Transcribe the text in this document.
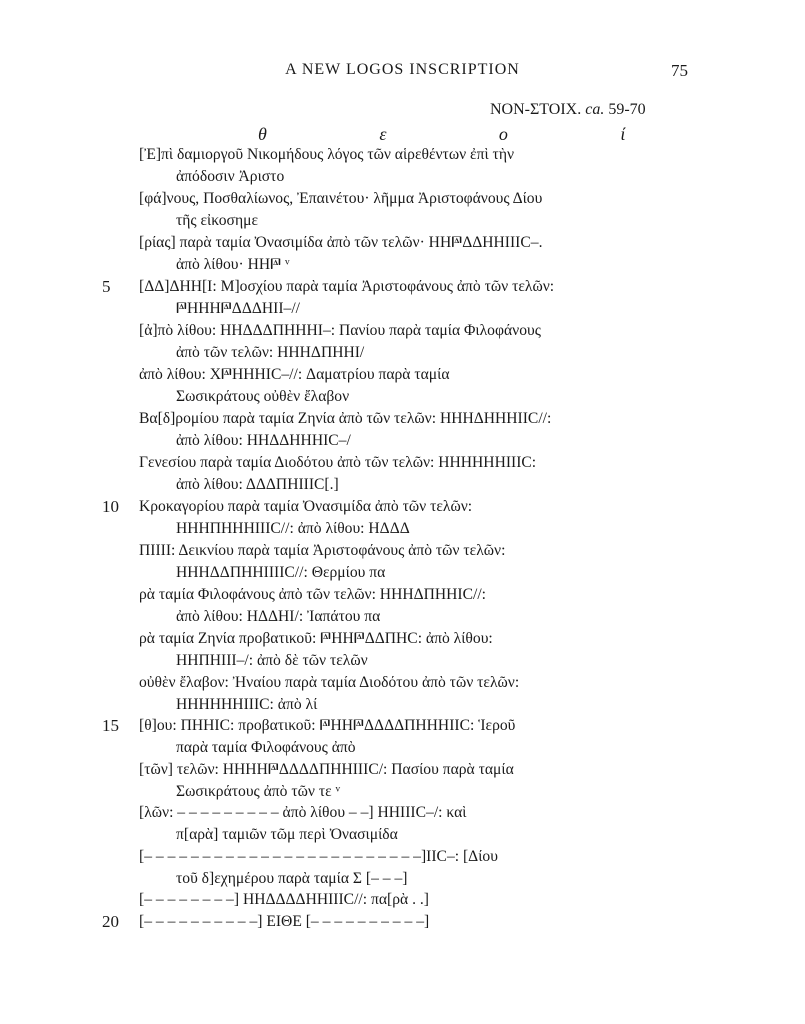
A NEW LOGOS INSCRIPTION	75
NON-ΣΤΟΙΧ. ca. 59-70
θ ε ο ί
5
10
15
20
[Ἐ]πὶ δαμιοργοῦ Νικομήδους λόγος τῶν αἱρεθέντων ἐπὶ τὴν
ἀπόδοσιν Ἀριστο
[φά]νους, Ποσθαλίωνος, Ἐπαινέτου· λῆμμα Ἀριστοφάνους Δίου
τῆς εἰκοσημε
[ρίας] παρὰ ταμία Ὀνασιμίδα ἀπὸ τῶν τελῶν· ΗΗ𐅄ΔΔΗΗΙΙΙC–.
ἀπὸ λίθου· ΗΗ𐅄 ᵛ
[ΔΔ]ΔΗΗ[Ι: Μ]οσχίου παρὰ ταμία Ἀριστοφάνους ἀπὸ τῶν τελῶν:
𐅄ΗΗΗ𐅄ΔΔΔΗΙΙ–//
[ἀ]πὸ λίθου: ΗΗΔΔΔΠΗΗΗΙ–: Πανίου παρὰ ταμία Φιλοφάνους
ἀπὸ τῶν τελῶν: ΗΗΗΔΠΗΗΙ/
ἀπὸ λίθου: Χ𐅄ΗΗΗΙC–//: Δαματρίου παρὰ ταμία
Σωσικράτους οὐθὲν ἔλαβον
Βα[δ]ρομίου παρὰ ταμία Ζηνία ἀπὸ τῶν τελῶν: ΗΗΗΔΗΗΗΙΙC//:
ἀπὸ λίθου: ΗΗΔΔΗΗΗΙC–/
Γενεσίου παρὰ ταμία Διοδότου ἀπὸ τῶν τελῶν: ΗΗΗΗΗΗΙΙΙC:
ἀπὸ λίθου: ΔΔΔΠΗΙΙΙC[.]
Κροκαγορίου παρὰ ταμία Ὀνασιμίδα ἀπὸ τῶν τελῶν:
ΗΗΗΠΗΗΗΙΙΙC//: ἀπὸ λίθου: ΗΔΔΔ
ΠΙΙΙΙ: Δεικνίου παρὰ ταμία Ἀριστοφάνους ἀπὸ τῶν τελῶν:
ΗΗΗΔΔΠΗΗΙΙΙΙC//: Θερμίου πα
ρὰ ταμία Φιλοφάνους ἀπὸ τῶν τελῶν: ΗΗΗΔΠΗΗΙC//:
ἀπὸ λίθου: ΗΔΔΗΙ/: Ἰαπάτου πα
ρὰ ταμία Ζηνία προβατικοῦ: 𐅄ΗΗ𐅄ΔΔΠΗC: ἀπὸ λίθου:
ΗΗΠΗΙΙΙ–/: ἀπὸ δὲ τῶν τελῶν
οὐθὲν ἔλαβον: Ἠναίου παρὰ ταμία Διοδότου ἀπὸ τῶν τελῶν:
ΗΗΗΗΗΗΙΙΙC: ἀπὸ λί
[θ]ου: ΠΗΗΙC: προβατικοῦ: 𐅄ΗΗ𐅄ΔΔΔΔΠΗΗΗΙΙC: Ἱεροῦ
παρὰ ταμία Φιλοφάνους ἀπὸ
[τῶν] τελῶν: ΗΗΗΗ𐅄ΔΔΔΔΠΗΗΙΙΙC/: Πασίου παρὰ ταμία
Σωσικράτους ἀπὸ τῶν τε ᵛ
[λῶν: – – – – – – – – – ἀπὸ λίθου – –] ΗΗΙΙΙC–/: καὶ
π[αρὰ] ταμιῶν τῶμ περὶ Ὀνασιμίδα
[– – – – – – – – – – – – – – – – – – – – – – – –]ΙΙC–: [Δίου
τοῦ δ]εχημέρου παρὰ ταμία Σ [– – –]
[– – – – – – – –] ΗΗΔΔΔΔΗΗΙΙΙC//: πα[ρὰ . .]
[– – – – – – – – – –] ΕΙΘΕ [– – – – – – – – – –]
